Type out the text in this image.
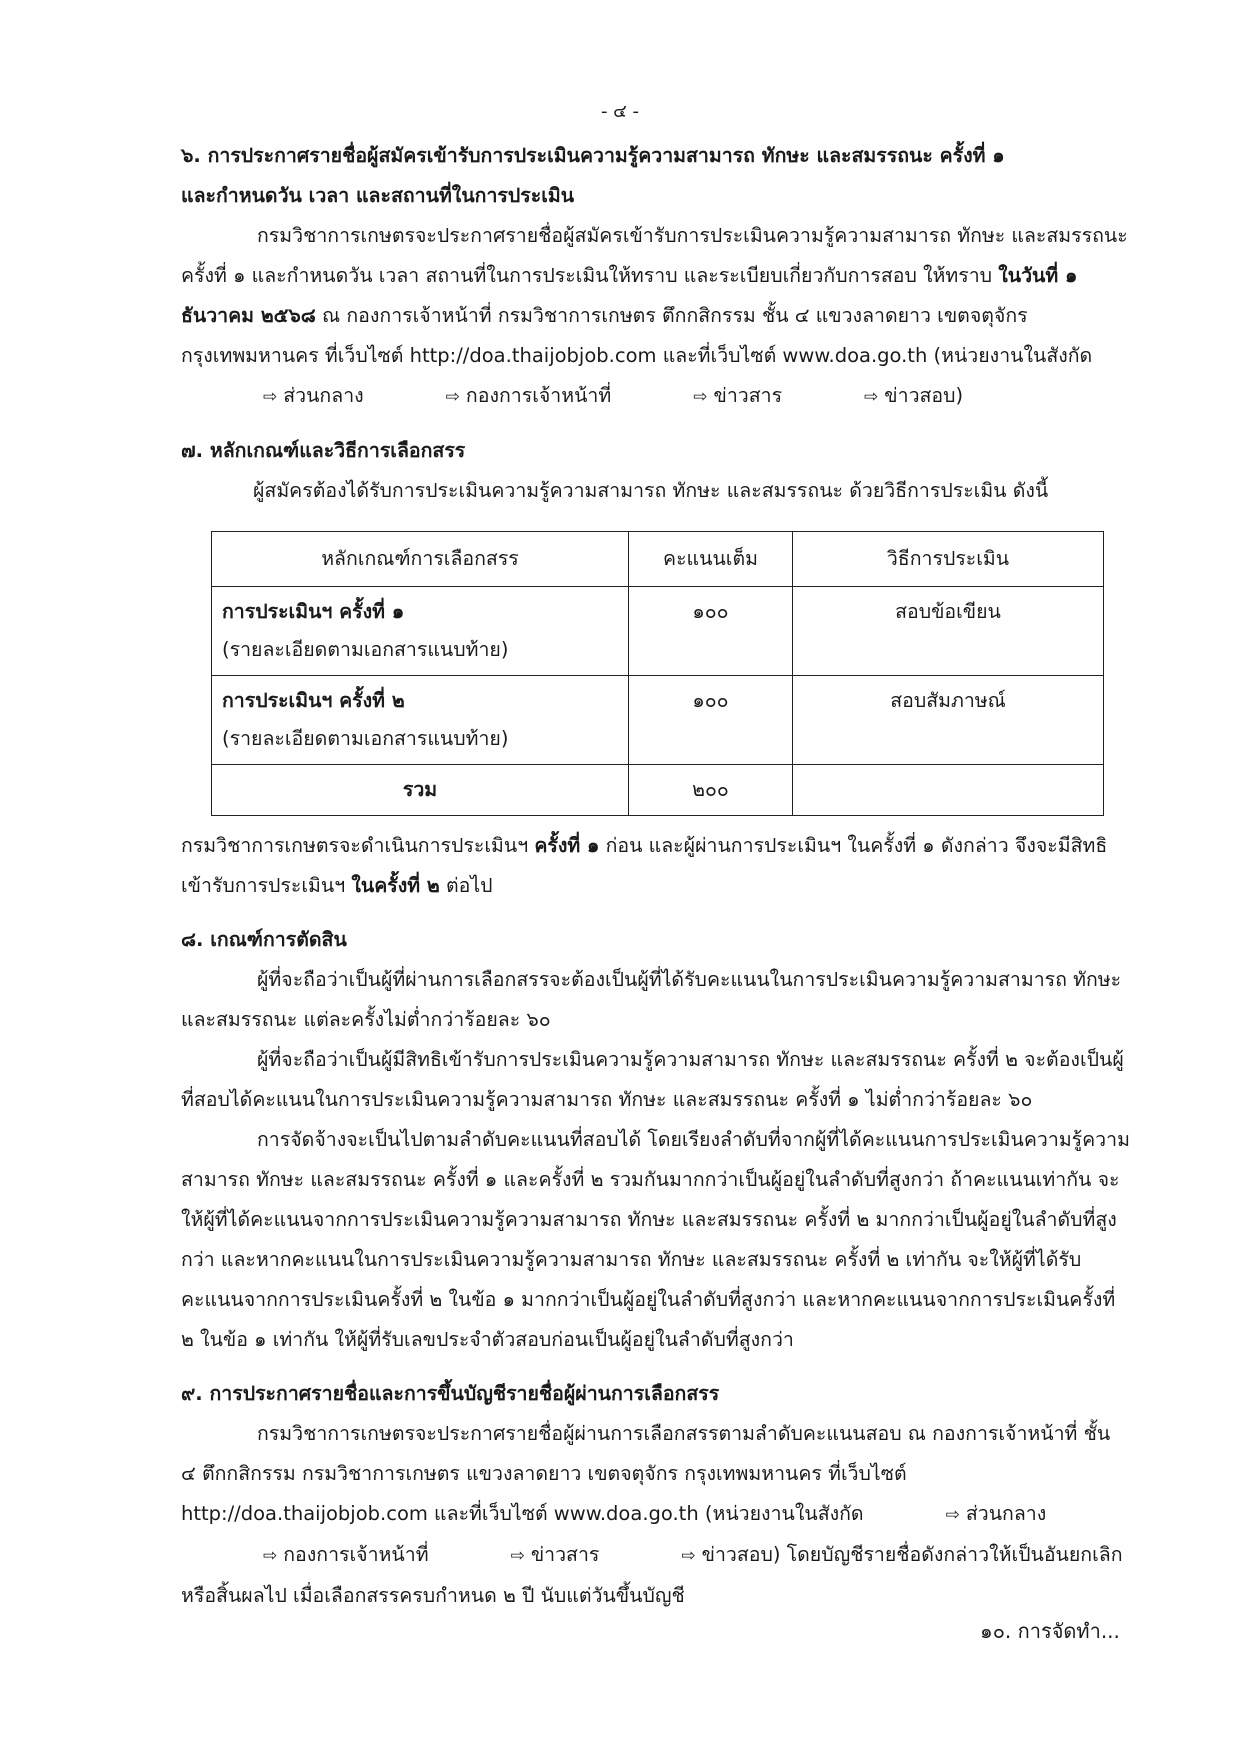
- ๔ -

๖. การประกาศรายชื่อผู้สมัครเข้ารับการประเมินความรู้ความสามารถ ทักษะ และสมรรถนะ ครั้งที่ ๑

และกำหนดวัน เวลา และสถานที่ในการประเมิน

กรมวิชาการเกษตรจะประกาศรายชื่อผู้สมัครเข้ารับการประเมินความรู้ความสามารถ ทักษะ และสมรรถนะ ครั้งที่ ๑ และกำหนดวัน เวลา สถานที่ในการประเมินให้ทราบ และระเบียบเกี่ยวกับการสอบ ให้ทราบ ในวันที่ ๑ ธันวาคม ๒๕๖๘ ณ กองการเจ้าหน้าที่ กรมวิชาการเกษตร ตึกกสิกรรม ชั้น ๔ แขวงลาดยาว เขตจตุจักร กรุงเทพมหานคร ที่เว็บไซต์ http://doa.thaijobjob.com และที่เว็บไซต์ www.doa.go.th (หน่วยงานในสังกัด⇨ ส่วนกลาง	⇨ กองการเจ้าหน้าที่	⇨ ข่าวสาร	⇨ ข่าวสอบ)

๗. หลักเกณฑ์และวิธีการเลือกสรร

ผู้สมัครต้องได้รับการประเมินความรู้ความสามารถ ทักษะ และสมรรถนะ ด้วยวิธีการประเมิน ดังนี้

หลักเกณฑ์การเลือกสรร	คะแนนเต็ม	วิธีการประเมิน

การประเมินฯ ครั้งที่ ๑
(รายละเอียดตามเอกสารแนบท้าย)	๑๐๐	สอบข้อเขียน

การประเมินฯ ครั้งที่ ๒
(รายละเอียดตามเอกสารแนบท้าย)	๑๐๐	สอบสัมภาษณ์
รวม	๒๐๐	

กรมวิชาการเกษตรจะดำเนินการประเมินฯ ครั้งที่ ๑ ก่อน และผู้ผ่านการประเมินฯ ในครั้งที่ ๑ ดังกล่าว จึงจะมีสิทธิเข้ารับการประเมินฯ ในครั้งที่ ๒ ต่อไป

๘. เกณฑ์การตัดสิน

ผู้ที่จะถือว่าเป็นผู้ที่ผ่านการเลือกสรรจะต้องเป็นผู้ที่ได้รับคะแนนในการประเมินความรู้ความสามารถ ทักษะ และสมรรถนะ แต่ละครั้งไม่ต่ำกว่าร้อยละ ๖๐

ผู้ที่จะถือว่าเป็นผู้มีสิทธิเข้ารับการประเมินความรู้ความสามารถ ทักษะ และสมรรถนะ ครั้งที่ ๒ จะต้องเป็นผู้ที่สอบได้คะแนนในการประเมินความรู้ความสามารถ ทักษะ และสมรรถนะ ครั้งที่ ๑ ไม่ต่ำกว่าร้อยละ ๖๐

การจัดจ้างจะเป็นไปตามลำดับคะแนนที่สอบได้ โดยเรียงลำดับที่จากผู้ที่ได้คะแนนการประเมินความรู้ความสามารถ ทักษะ และสมรรถนะ ครั้งที่ ๑ และครั้งที่ ๒ รวมกันมากกว่าเป็นผู้อยู่ในลำดับที่สูงกว่า ถ้าคะแนนเท่ากัน จะให้ผู้ที่ได้คะแนนจากการประเมินความรู้ความสามารถ ทักษะ และสมรรถนะ ครั้งที่ ๒ มากกว่าเป็นผู้อยู่ในลำดับที่สูงกว่า และหากคะแนนในการประเมินความรู้ความสามารถ ทักษะ และสมรรถนะ ครั้งที่ ๒ เท่ากัน จะให้ผู้ที่ได้รับคะแนนจากการประเมินครั้งที่ ๒ ในข้อ ๑ มากกว่าเป็นผู้อยู่ในลำดับที่สูงกว่า และหากคะแนนจากการประเมินครั้งที่ ๒ ในข้อ ๑ เท่ากัน ให้ผู้ที่รับเลขประจำตัวสอบก่อนเป็นผู้อยู่ในลำดับที่สูงกว่า

๙. การประกาศรายชื่อและการขึ้นบัญชีรายชื่อผู้ผ่านการเลือกสรร

กรมวิชาการเกษตรจะประกาศรายชื่อผู้ผ่านการเลือกสรรตามลำดับคะแนนสอบ ณ กองการเจ้าหน้าที่ ชั้น ๔ ตึกกสิกรรม กรมวิชาการเกษตร แขวงลาดยาว เขตจตุจักร กรุงเทพมหานคร ที่เว็บไซต์ http://doa.thaijobjob.com และที่เว็บไซต์ www.doa.go.th (หน่วยงานในสังกัด	⇨ ส่วนกลาง⇨ กองการเจ้าหน้าที่	⇨ ข่าวสาร	⇨ ข่าวสอบ) โดยบัญชีรายชื่อดังกล่าวให้เป็นอันยกเลิกหรือสิ้นผลไป เมื่อเลือกสรรครบกำหนด ๒ ปี นับแต่วันขึ้นบัญชี

๑๐. การจัดทำ...
